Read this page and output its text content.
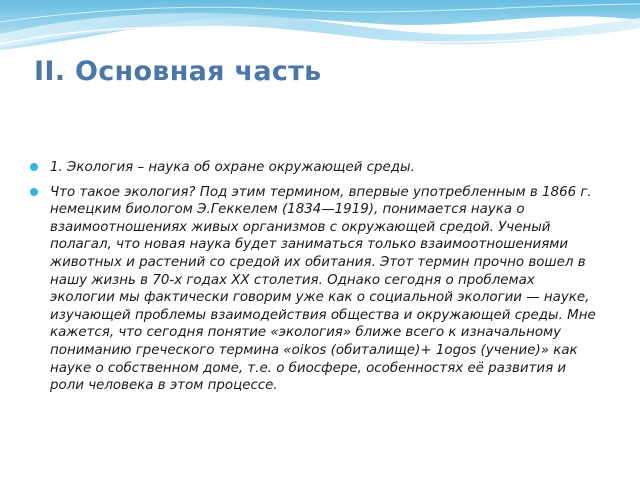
II. Основная часть
1. Экология – наука об охране окружающей среды.
Что такое экология? Под этим термином, впервые употребленным в 1866 г. немецким биологом Э.Геккелем (1834—1919), понимается наука о взаимоотношениях живых организмов с окружающей средой. Ученый полагал, что новая наука будет заниматься только взаимоотношениями животных и растений со средой их обитания. Этот термин прочно вошел в нашу жизнь в 70-х годах XX столетия. Однако сегодня о проблемах экологии мы фактически говорим уже как о социальной экологии — науке, изучающей проблемы взаимодействия общества и окружающей среды. Мне кажется, что сегодня понятие «экология» ближе всего к изначальному пониманию греческого термина «oikos (обиталище)+ 1ogos (учение)» как науке о собственном доме, т.е. о биосфере, особенностях её развития и роли человека в этом процессе.
